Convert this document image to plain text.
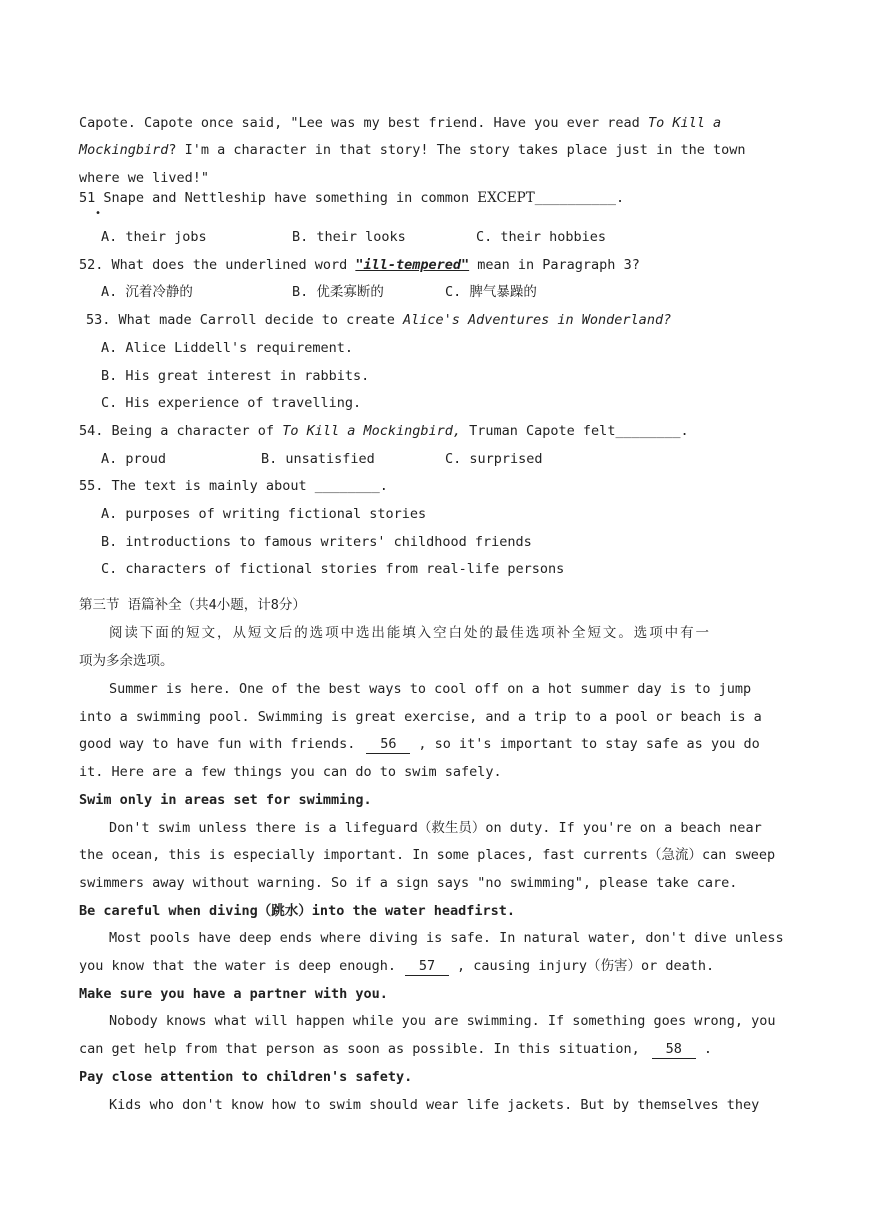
Capote. Capote once said, "Lee was my best friend. Have you ever read To Kill a
Mockingbird? I'm a character in that story! The story takes place just in the town
where we lived!"
51 Snape and Nettleship have something in common EXCEPT__________.
•
A. their jobs	B. their looks	C. their hobbies
52. What does the underlined word "ill-tempered" mean in Paragraph 3?
A. 沉着冷静的	B. 优柔寡断的	C. 脾气暴躁的
53. What made Carroll decide to create Alice's Adventures in Wonderland?
A. Alice Liddell's requirement.
B. His great interest in rabbits.
C. His experience of travelling.
54. Being a character of To Kill a Mockingbird, Truman Capote felt________.
A. proud	B. unsatisfied	C. surprised
55. The text is mainly about ________.
A. purposes of writing fictional stories
B. introductions to famous writers' childhood friends
C. characters of fictional stories from real-life persons
第三节 语篇补全（共4小题，计8分）
阅读下面的短文，从短文后的选项中选出能填入空白处的最佳选项补全短文。选项中有一
项为多余选项。
Summer is here. One of the best ways to cool off on a hot summer day is to jump
into a swimming pool. Swimming is great exercise, and a trip to a pool or beach is a
good way to have fun with friends. 56 , so it's important to stay safe as you do
it. Here are a few things you can do to swim safely.
Swim only in areas set for swimming.
Don't swim unless there is a lifeguard（救生员）on duty. If you're on a beach near
the ocean, this is especially important. In some places, fast currents（急流）can sweep
swimmers away without warning. So if a sign says "no swimming", please take care.
Be careful when diving（跳水）into the water headfirst.
Most pools have deep ends where diving is safe. In natural water, don't dive unless
you know that the water is deep enough. 57 , causing injury（伤害）or death.
Make sure you have a partner with you.
Nobody knows what will happen while you are swimming. If something goes wrong, you
can get help from that person as soon as possible. In this situation, 58 .
Pay close attention to children's safety.
Kids who don't know how to swim should wear life jackets. But by themselves they
